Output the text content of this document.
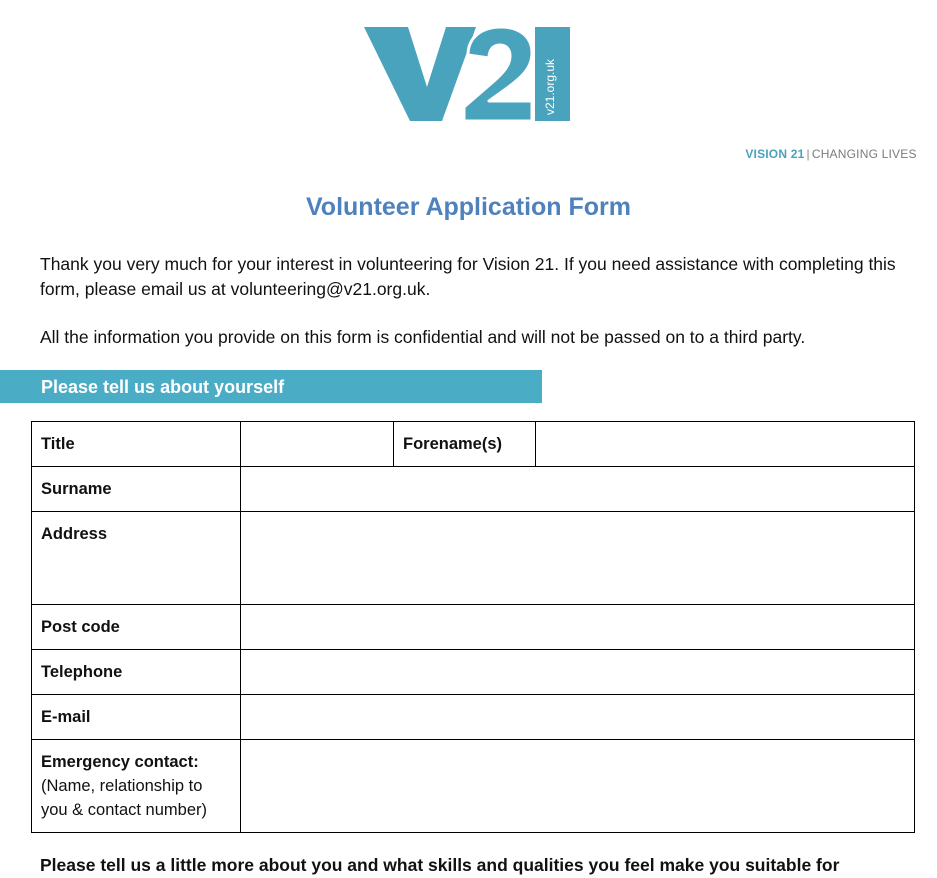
v21.org.uk
VISION 21 | CHANGING LIVES
Volunteer Application Form

Thank you very much for your interest in volunteering for Vision 21. If you need assistance with completing this form, please email us at volunteering@v21.org.uk.

All the information you provide on this form is confidential and will not be passed on to a third party.

Please tell us about yourself
Title		Forename(s)	
Surname			
Address			
Post code			
Telephone			
E-mail			
Emergency contact:
(Name, relationship to you & contact number)			

Please tell us a little more about you and what skills and qualities you feel make you suitable for
